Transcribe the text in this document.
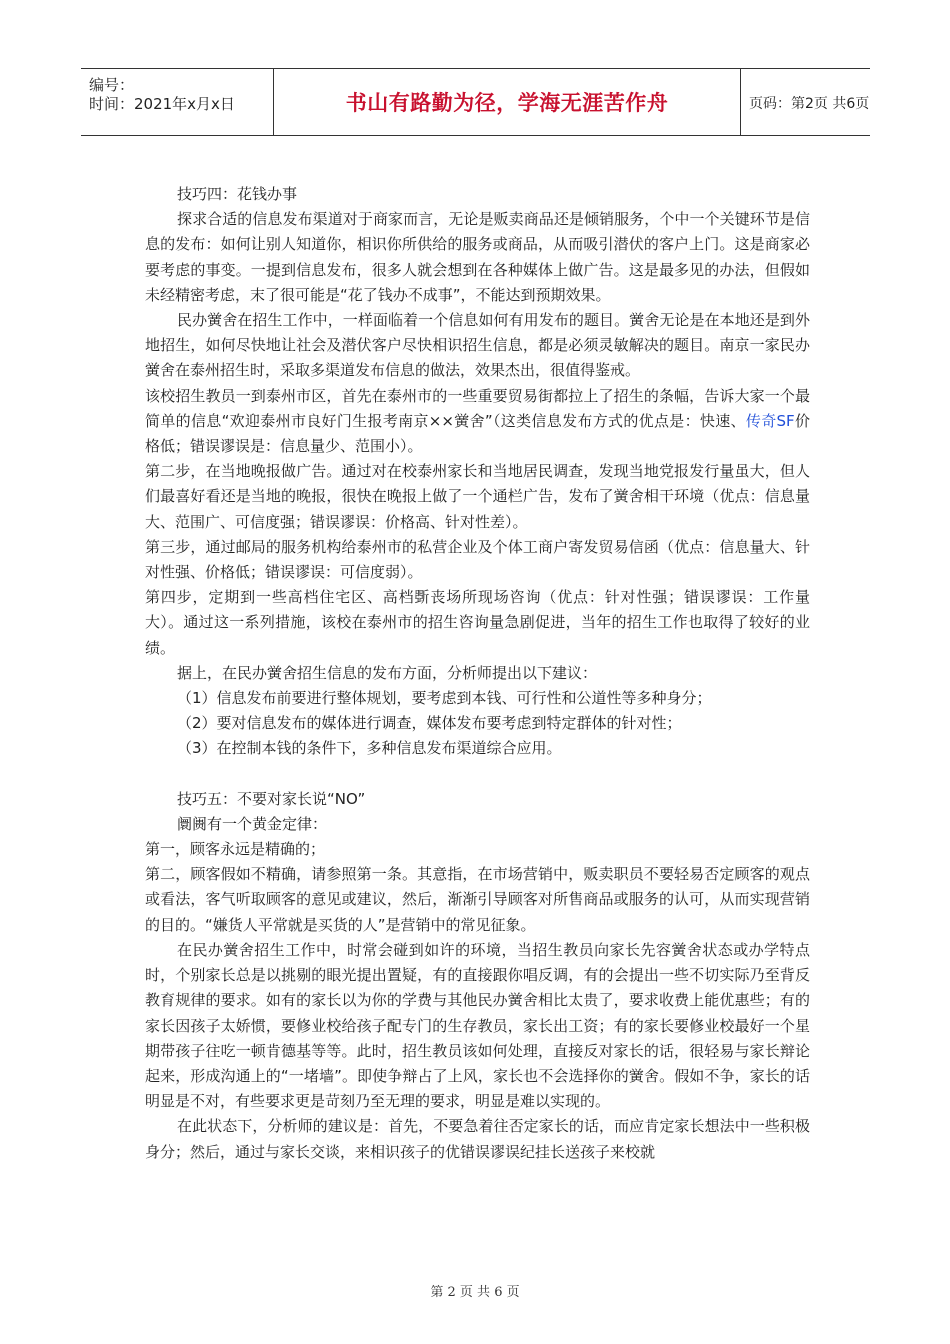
编号：
时间：2021年x月x日	书山有路勤为径，学海无涯苦作舟	页码：第2页 共6页

技巧四：花钱办事

探求合适的信息发布渠道对于商家而言，无论是贩卖商品还是倾销服务，个中一个关键环节是信息的发布：如何让别人知道你，相识你所供给的服务或商品，从而吸引潜伏的客户上门。这是商家必要考虑的事变。一提到信息发布，很多人就会想到在各种媒体上做广告。这是最多见的办法，但假如未经精密考虑，末了很可能是“花了钱办不成事”，不能达到预期效果。

民办黉舍在招生工作中，一样面临着一个信息如何有用发布的题目。黉舍无论是在本地还是到外地招生，如何尽快地让社会及潜伏客户尽快相识招生信息，都是必须灵敏解决的题目。南京一家民办黉舍在泰州招生时，采取多渠道发布信息的做法，效果杰出，很值得鉴戒。

该校招生教员一到泰州市区，首先在泰州市的一些重要贸易街都拉上了招生的条幅，告诉大家一个最简单的信息“欢迎泰州市良好门生报考南京××黉舍”（这类信息发布方式的优点是：快速、传奇SF价格低；错误谬误是：信息量少、范围小）。

第二步，在当地晚报做广告。通过对在校泰州家长和当地居民调查，发现当地党报发行量虽大，但人们最喜好看还是当地的晚报，很快在晚报上做了一个通栏广告，发布了黉舍相干环境（优点：信息量大、范围广、可信度强；错误谬误：价格高、针对性差）。

第三步，通过邮局的服务机构给泰州市的私营企业及个体工商户寄发贸易信函（优点：信息量大、针对性强、价格低；错误谬误：可信度弱）。

第四步，定期到一些高档住宅区、高档斲丧场所现场咨询（优点：针对性强；错误谬误：工作量大）。通过这一系列措施，该校在泰州市的招生咨询量急剧促进，当年的招生工作也取得了较好的业绩。

据上，在民办黉舍招生信息的发布方面，分析师提出以下建议：

（1）信息发布前要进行整体规划，要考虑到本钱、可行性和公道性等多种身分；

（2）要对信息发布的媒体进行调查，媒体发布要考虑到特定群体的针对性；

（3）在控制本钱的条件下，多种信息发布渠道综合应用。

技巧五：不要对家长说“NO”

阛阓有一个黄金定律：

第一，顾客永远是精确的；

第二，顾客假如不精确，请参照第一条。其意指，在市场营销中，贩卖职员不要轻易否定顾客的观点或看法，客气听取顾客的意见或建议，然后，渐渐引导顾客对所售商品或服务的认可，从而实现营销的目的。“嫌货人平常就是买货的人”是营销中的常见征象。

在民办黉舍招生工作中，时常会碰到如许的环境，当招生教员向家长先容黉舍状态或办学特点时，个别家长总是以挑剔的眼光提出置疑，有的直接跟你唱反调，有的会提出一些不切实际乃至背反教育规律的要求。如有的家长以为你的学费与其他民办黉舍相比太贵了，要求收费上能优惠些；有的家长因孩子太娇惯，要修业校给孩子配专门的生存教员，家长出工资；有的家长要修业校最好一个星期带孩子往吃一顿肯德基等等。此时，招生教员该如何处理，直接反对家长的话，很轻易与家长辩论起来，形成沟通上的“一堵墙”。即使争辩占了上风，家长也不会选择你的黉舍。假如不争，家长的话明显是不对，有些要求更是苛刻乃至无理的要求，明显是难以实现的。

在此状态下，分析师的建议是：首先，不要急着往否定家长的话，而应肯定家长想法中一些积极身分；然后，通过与家长交谈，来相识孩子的优错误谬误纪挂长送孩子来校就

第 2 页 共 6 页
